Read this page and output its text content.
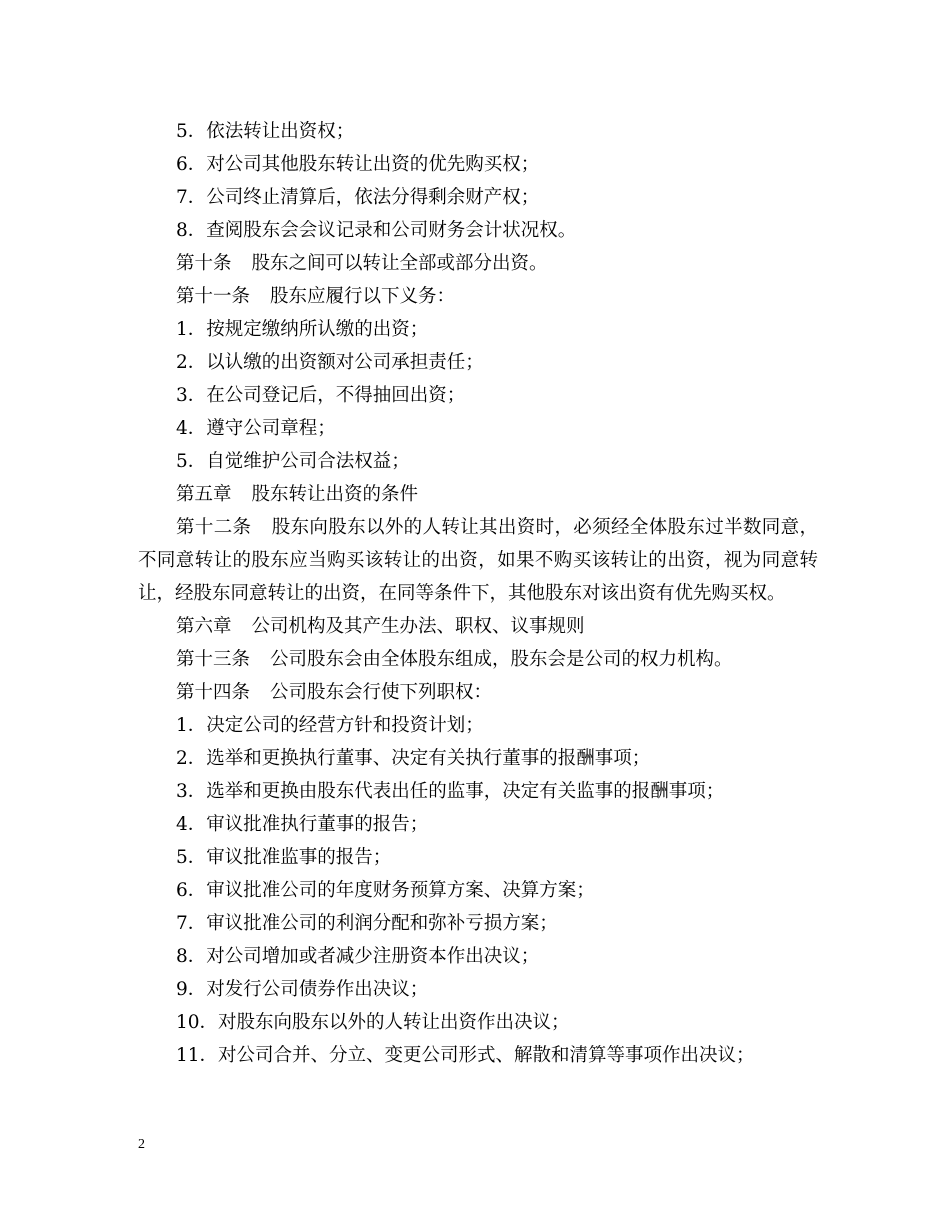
5．依法转让出资权；
6．对公司其他股东转让出资的优先购买权；
7．公司终止清算后，依法分得剩余财产权；
8．查阅股东会会议记录和公司财务会计状况权。
第十条 股东之间可以转让全部或部分出资。
第十一条 股东应履行以下义务：
1．按规定缴纳所认缴的出资；
2．以认缴的出资额对公司承担责任；
3．在公司登记后，不得抽回出资；
4．遵守公司章程；
5．自觉维护公司合法权益；
第五章 股东转让出资的条件

第十二条 股东向股东以外的人转让其出资时，必须经全体股东过半数同意，不同意转让的股东应当购买该转让的出资，如果不购买该转让的出资，视为同意转让，经股东同意转让的出资，在同等条件下，其他股东对该出资有优先购买权。

第六章 公司机构及其产生办法、职权、议事规则
第十三条 公司股东会由全体股东组成，股东会是公司的权力机构。
第十四条 公司股东会行使下列职权：
1．决定公司的经营方针和投资计划；
2．选举和更换执行董事、决定有关执行董事的报酬事项；
3．选举和更换由股东代表出任的监事，决定有关监事的报酬事项；
4．审议批准执行董事的报告；
5．审议批准监事的报告；
6．审议批准公司的年度财务预算方案、决算方案；
7．审议批准公司的利润分配和弥补亏损方案；
8．对公司增加或者减少注册资本作出决议；
9．对发行公司债券作出决议；
10．对股东向股东以外的人转让出资作出决议；
11．对公司合并、分立、变更公司形式、解散和清算等事项作出决议；
2
